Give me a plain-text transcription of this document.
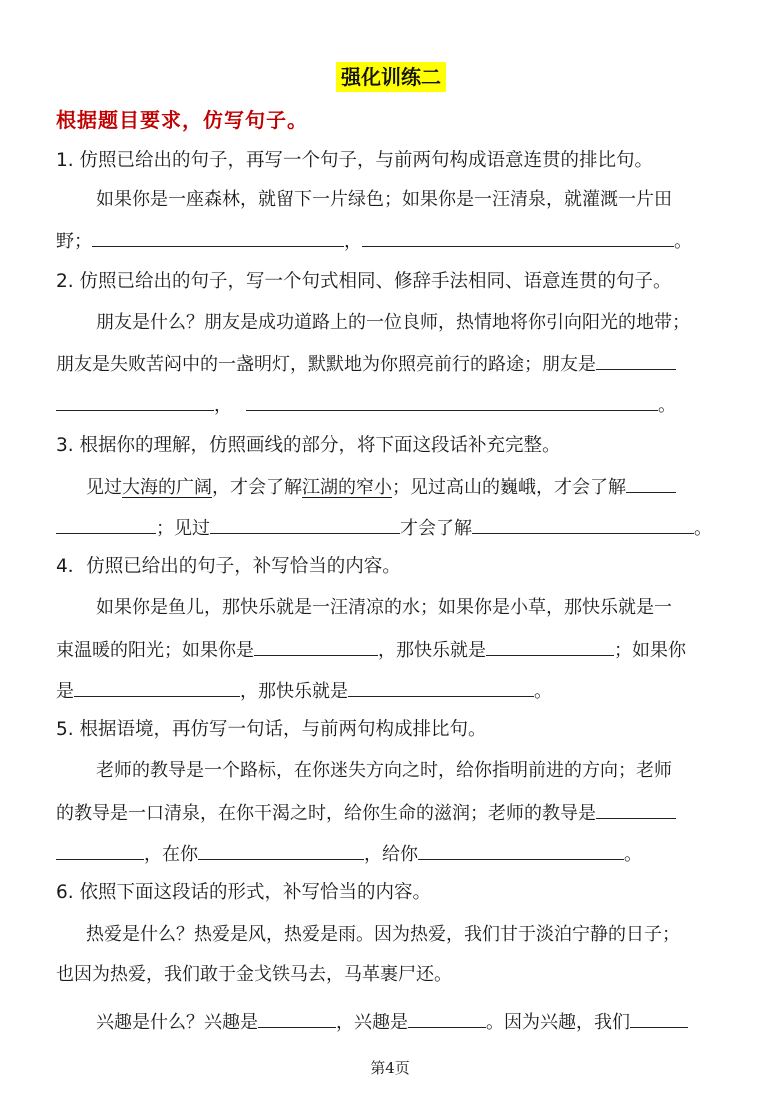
强化训练二
根据题目要求，仿写句子。
1. 仿照已给出的句子，再写一个句子，与前两句构成语意连贯的排比句。
如果你是一座森林，就留下一片绿色；如果你是一汪清泉，就灌溉一片田
野；	，	。
2. 仿照已给出的句子，写一个句式相同、修辞手法相同、语意连贯的句子。
朋友是什么？朋友是成功道路上的一位良师，热情地将你引向阳光的地带；
朋友是失败苦闷中的一盏明灯，默默地为你照亮前行的路途；朋友是
，	。
3. 根据你的理解，仿照画线的部分，将下面这段话补充完整。
见过大海的广阔，才会了解江湖的窄小；见过高山的巍峨，才会了解
；见过	才会了解	。
4．仿照已给出的句子，补写恰当的内容。
如果你是鱼儿，那快乐就是一汪清凉的水；如果你是小草，那快乐就是一
束温暖的阳光；如果你是	，那快乐就是	；如果你
是	，那快乐就是	。
5. 根据语境，再仿写一句话，与前两句构成排比句。
老师的教导是一个路标，在你迷失方向之时，给你指明前进的方向；老师
的教导是一口清泉，在你干渴之时，给你生命的滋润；老师的教导是
，在你	，给你	。
6. 依照下面这段话的形式，补写恰当的内容。
热爱是什么？热爱是风，热爱是雨。因为热爱，我们甘于淡泊宁静的日子；
也因为热爱，我们敢于金戈铁马去，马革裹尸还。
兴趣是什么？兴趣是	，兴趣是	。因为兴趣，我们
第4页
